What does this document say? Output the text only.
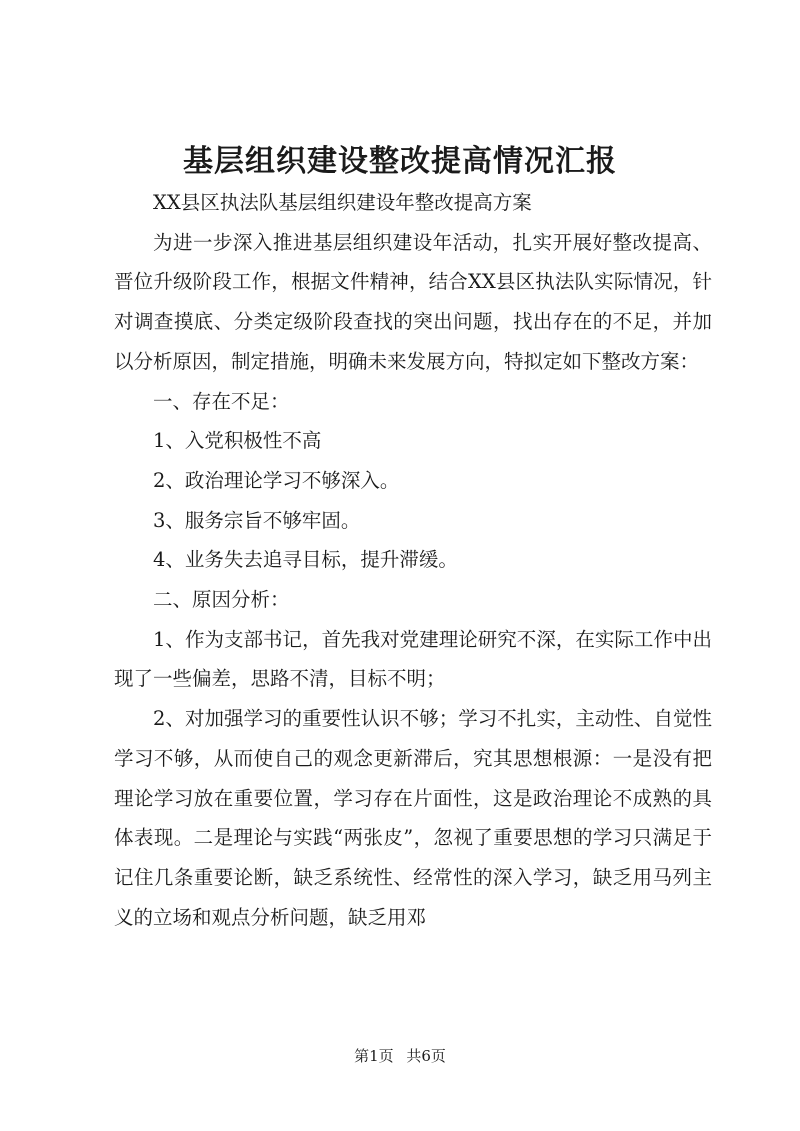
基层组织建设整改提高情况汇报

XX县区执法队基层组织建设年整改提高方案

为进一步深入推进基层组织建设年活动，扎实开展好整改提高、晋位升级阶段工作，根据文件精神，结合XX县区执法队实际情况，针对调查摸底、分类定级阶段查找的突出问题，找出存在的不足，并加以分析原因，制定措施，明确未来发展方向，特拟定如下整改方案：

一、存在不足：

1、入党积极性不高

2、政治理论学习不够深入。

3、服务宗旨不够牢固。

4、业务失去追寻目标，提升滞缓。

二、原因分析：

1、作为支部书记，首先我对党建理论研究不深，在实际工作中出现了一些偏差，思路不清，目标不明；

2、对加强学习的重要性认识不够；学习不扎实，主动性、自觉性学习不够，从而使自己的观念更新滞后，究其思想根源：一是没有把理论学习放在重要位置，学习存在片面性，这是政治理论不成熟的具体表现。二是理论与实践“两张皮”，忽视了重要思想的学习只满足于记住几条重要论断，缺乏系统性、经常性的深入学习，缺乏用马列主义的立场和观点分析问题，缺乏用邓

第1页 共6页
